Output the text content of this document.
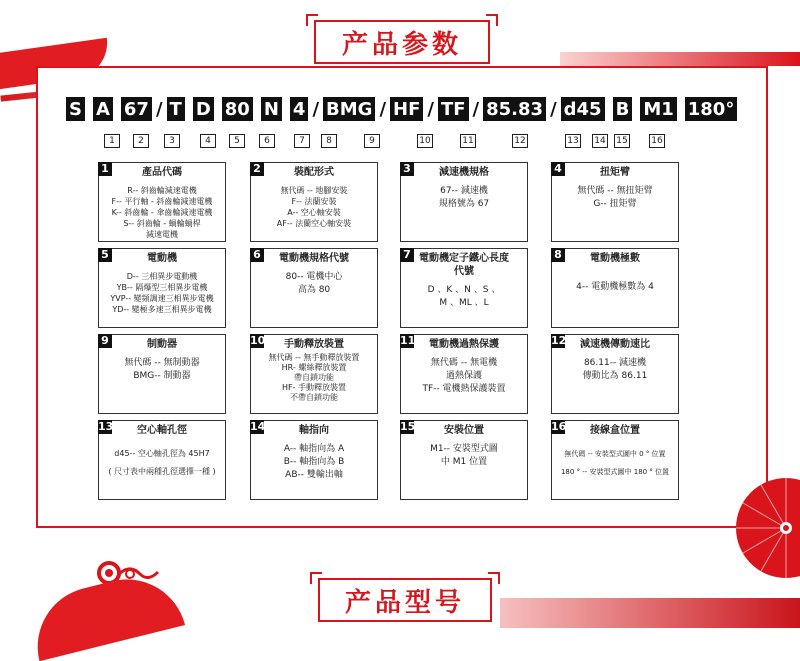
产品参数
S A 67 / T D 80 N 4 / BMG / HF / TF / 85.83 / d45 B M1 180°
1	2	3	4	5	6	7	8	9	10	11	12	13 14 15	16
1	產品代碼
R-- 斜齒輪減速電機
F-- 平行軸 - 斜齒輪減速電機
K-- 斜齒輪 - 傘齒輪減速電機
S-- 斜齒輪 - 蝸輪蝸桿
減速電機
2	裝配形式
無代碼 -- 地腳安裝
F-- 法蘭安裝
A-- 空心軸安裝
AF-- 法蘭空心軸安裝
3	減速機規格
67-- 減速機
規格號為 67
4	扭矩臂
無代碼 -- 無扭矩臂
G-- 扭矩臂
5	電動機
D-- 三相異步電動機
YB-- 隔爆型三相異步電機
YVP-- 變頻調速三相異步電機
YD-- 變極多速三相異步電機
6	電動機規格代號
80-- 電機中心
高為 80
7 電動機定子鐵心長度代號
D 、K 、N 、S 、
M 、ML 、L
8	電動機極數
4-- 電動機極數為 4
9	制動器
無代碼 -- 無制動器
BMG-- 制動器
10	手動釋放裝置
無代碼 -- 無手動釋放裝置
HR- 螺絲釋放裝置
帶自鎖功能
HF- 手動釋放裝置
不帶自鎖功能
11	電動機過熱保護
無代碼 -- 無電機
過熱保護
TF-- 電機熱保護裝置
12	減速機傳動速比
86.11-- 減速機
傳動比為 86.11
13	空心軸孔徑
d45-- 空心軸孔徑為 45H7
( 尺寸表中兩種孔徑選擇一種 )
14	軸指向
A-- 軸指向為 A
B-- 軸指向為 B
AB-- 雙輸出軸
15	安裝位置
M1-- 安裝型式圖
中 M1 位置
16	接線盒位置
無代碼 -- 安裝型式圖中 0 ° 位置
180 ° -- 安裝型式圖中 180 ° 位置
产品型号
